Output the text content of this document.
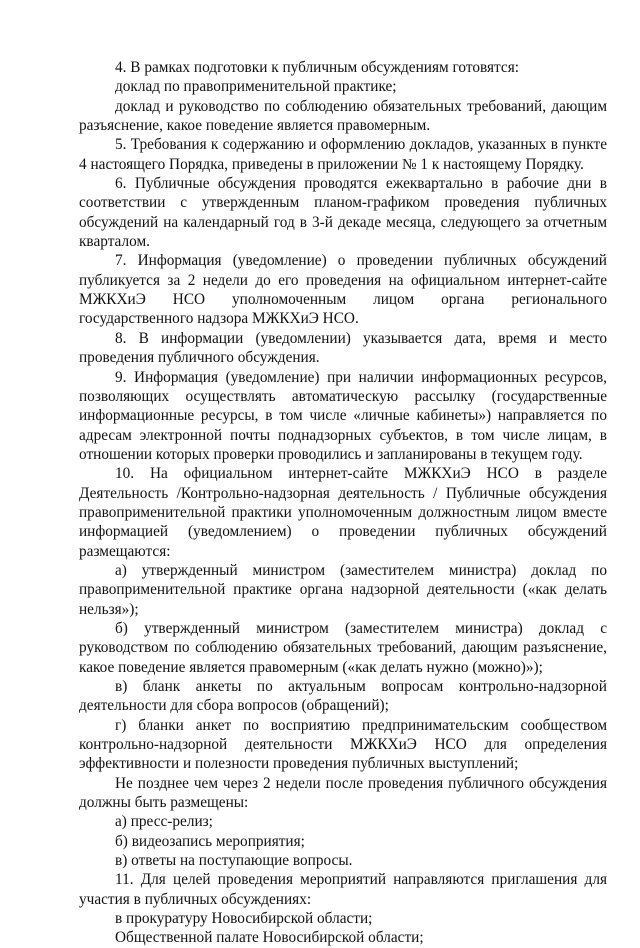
4. В рамках подготовки к публичным обсуждениям готовятся:

доклад по правоприменительной практике;

доклад и руководство по соблюдению обязательных требований, дающим разъяснение, какое поведение является правомерным.

5. Требования к содержанию и оформлению докладов, указанных в пункте 4 настоящего Порядка, приведены в приложении № 1 к настоящему Порядку.

6. Публичные обсуждения проводятся ежеквартально в рабочие дни в соответствии с утвержденным планом-графиком проведения публичных обсуждений на календарный год в 3-й декаде месяца, следующего за отчетным кварталом.

7. Информация (уведомление) о проведении публичных обсуждений публикуется за 2 недели до его проведения на официальном интернет-сайте МЖКХиЭ НСО уполномоченным лицом органа регионального государственного надзора МЖКХиЭ НСО.

8. В информации (уведомлении) указывается дата, время и место проведения публичного обсуждения.

9. Информация (уведомление) при наличии информационных ресурсов, позволяющих осуществлять автоматическую рассылку (государственные информационные ресурсы, в том числе «личные кабинеты») направляется по адресам электронной почты поднадзорных субъектов, в том числе лицам, в отношении которых проверки проводились и запланированы в текущем году.

10. На официальном интернет-сайте МЖКХиЭ НСО в разделе Деятельность /Контрольно-надзорная деятельность / Публичные обсуждения правоприменительной практики уполномоченным должностным лицом вместе информацией (уведомлением) о проведении публичных обсуждений размещаются:

а) утвержденный министром (заместителем министра) доклад по правоприменительной практике органа надзорной деятельности («как делать нельзя»);

б) утвержденный министром (заместителем министра) доклад с руководством по соблюдению обязательных требований, дающим разъяснение, какое поведение является правомерным («как делать нужно (можно)»);

в) бланк анкеты по актуальным вопросам контрольно-надзорной деятельности для сбора вопросов (обращений);

г) бланки анкет по восприятию предпринимательским сообществом контрольно-надзорной деятельности МЖКХиЭ НСО для определения эффективности и полезности проведения публичных выступлений;

Не позднее чем через 2 недели после проведения публичного обсуждения должны быть размещены:

а) пресс-релиз;

б) видеозапись мероприятия;

в) ответы на поступающие вопросы.

11. Для целей проведения мероприятий направляются приглашения для участия в публичных обсуждениях:

в прокуратуру Новосибирской области;

Общественной палате Новосибирской области;
